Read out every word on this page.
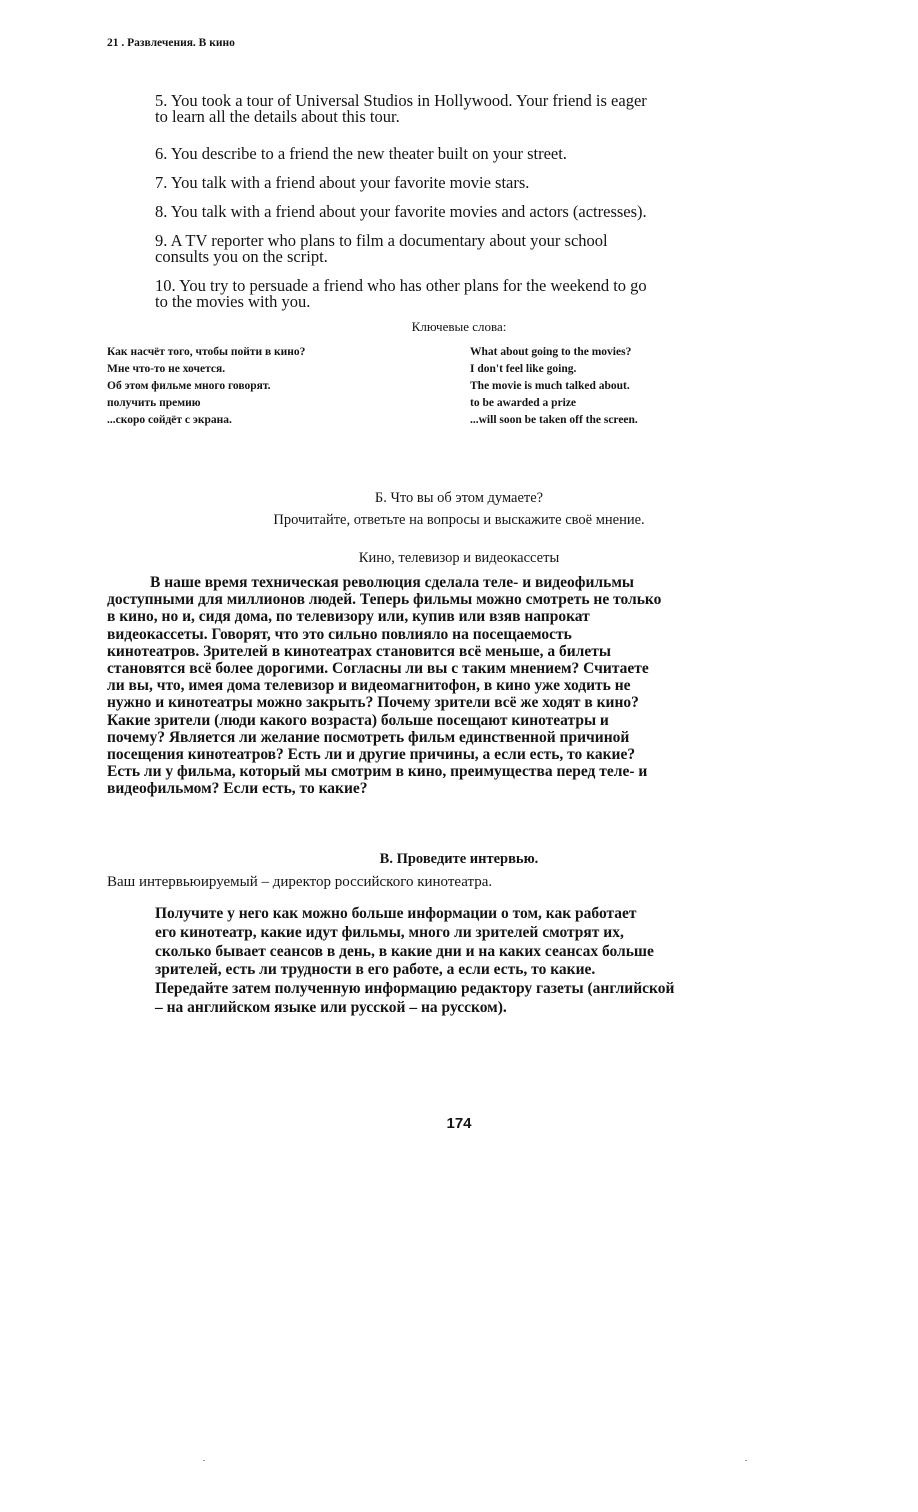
21 . Развлечения. В кино
5. You took a tour of Universal Studios in Hollywood. Your friend is eager
to learn all the details about this tour.
6. You describe to a friend the new theater built on your street.
7. You talk with a friend about your favorite movie stars.
8. You talk with a friend about your favorite movies and actors (actresses).
9. A TV reporter who plans to film a documentary about your school
consults you on the script.
10. You try to persuade a friend who has other plans for the weekend to go
to the movies with you.
Ключевые слова:
Как насчёт того, чтобы пойти в кино?
Мне что-то не хочется.
Об этом фильме много говорят.
получить премию
...скоро сойдёт с экрана.
What about going to the movies?
I don't feel like going.
The movie is much talked about.
to be awarded a prize
...will soon be taken off the screen.
Б. Что вы об этом думаете?
Прочитайте, ответьте на вопросы и выскажите своё мнение.
Кино, телевизор и видеокассеты
В наше время техническая революция сделала теле- и видеофильмы
доступными для миллионов людей. Теперь фильмы можно смотреть не только
в кино, но и, сидя дома, по телевизору или, купив или взяв напрокат
видеокассеты. Говорят, что это сильно повлияло на посещаемость
кинотеатров. Зрителей в кинотеатрах становится всё меньше, а билеты
становятся всё более дорогими. Согласны ли вы с таким мнением? Считаете
ли вы, что, имея дома телевизор и видеомагнитофон, в кино уже ходить не
нужно и кинотеатры можно закрыть? Почему зрители всё же ходят в кино?
Какие зрители (люди какого возраста) больше посещают кинотеатры и
почему? Является ли желание посмотреть фильм единственной причиной
посещения кинотеатров? Есть ли и другие причины, а если есть, то какие?
Есть ли у фильма, который мы смотрим в кино, преимущества перед теле- и
видеофильмом? Если есть, то какие?
В. Проведите интервью.
Ваш интервьюируемый – директор российского кинотеатра.
Получите у него как можно больше информации о том, как работает
его кинотеатр, какие идут фильмы, много ли зрителей смотрят их,
сколько бывает сеансов в день, в какие дни и на каких сеансах больше
зрителей, есть ли трудности в его работе, а если есть, то какие.
Передайте затем полученную информацию редактору газеты (английской
– на английском языке или русской – на русском).
174
